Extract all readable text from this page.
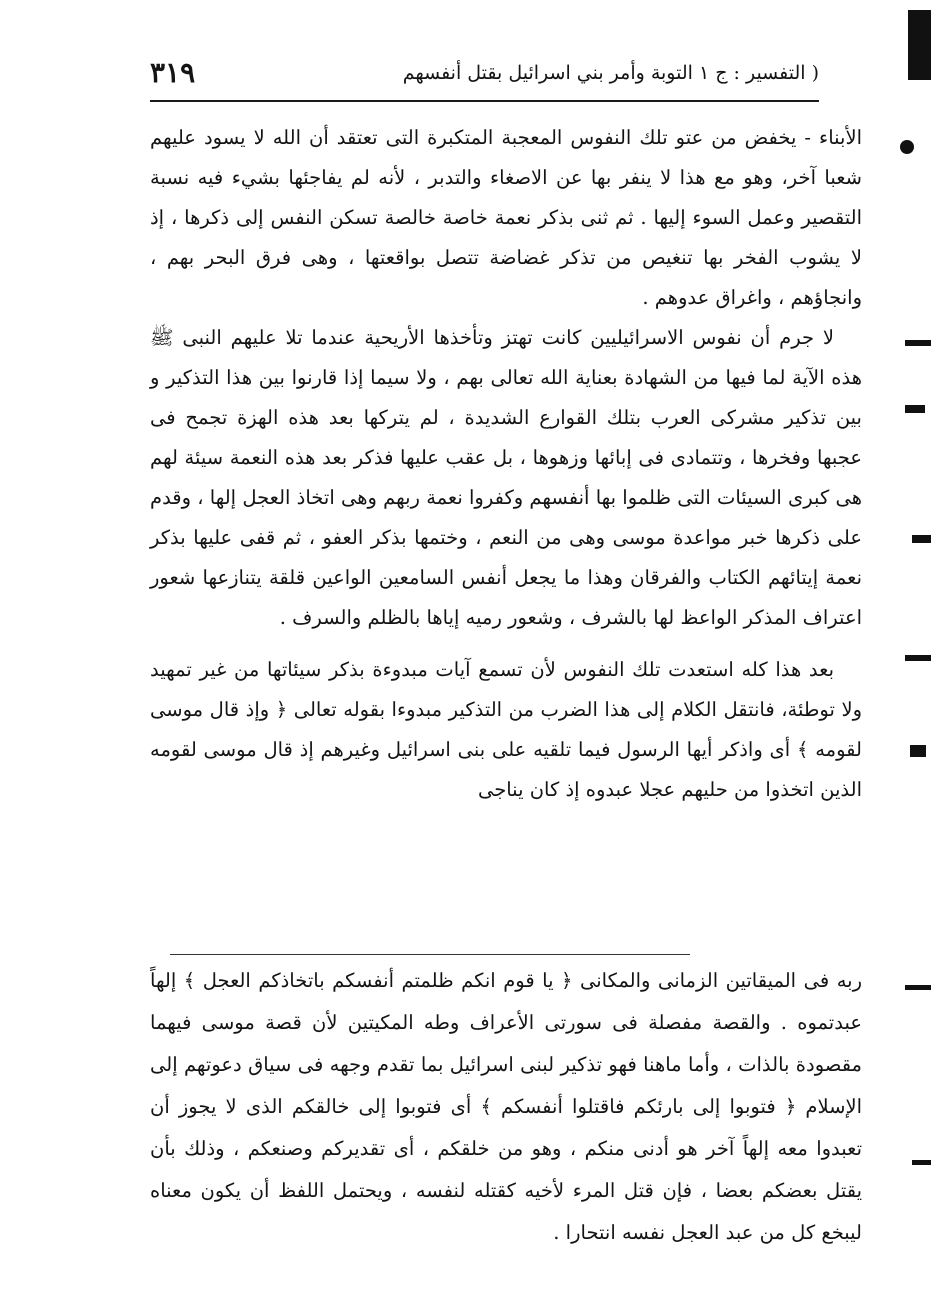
٣١٩	( التفسير : ج ١ التوبة وأمر بني اسرائيل بقتل أنفسهم

الأبناء - يخفض من عتو تلك النفوس المعجبة المتكبرة التى تعتقد أن الله لا يسود عليهم شعبا آخر، وهو مع هذا لا ينفر بها عن الاصغاء والتدبر ، لأنه لم يفاجئها بشيء فيه نسبة التقصير وعمل السوء إليها . ثم ثنى بذكر نعمة خاصة خالصة تسكن النفس إلى ذكرها ، إذ لا يشوب الفخر بها تنغيص من تذكر غضاضة تتصل بواقعتها ، وهى فرق البحر بهم ، وانجاؤهم ، واغراق عدوهم .

لا جرم أن نفوس الاسرائيليين كانت تهتز وتأخذها الأريحية عندما تلا عليهم النبى ﷺ هذه الآية لما فيها من الشهادة بعناية الله تعالى بهم ، ولا سيما إذا قارنوا بين هذا التذكير و بين تذكير مشركى العرب بتلك القوارع الشديدة ، لم يتركها بعد هذه الهزة تجمح فى عجبها وفخرها ، وتتمادى فى إبائها وزهوها ، بل عقب عليها فذكر بعد هذه النعمة سيئة لهم هى كبرى السيئات التى ظلموا بها أنفسهم وكفروا نعمة ربهم وهى اتخاذ العجل إلها ، وقدم على ذكرها خبر مواعدة موسى وهى من النعم ، وختمها بذكر العفو ، ثم قفى عليها بذكر نعمة إيتائهم الكتاب والفرقان وهذا ما يجعل أنفس السامعين الواعين قلقة يتنازعها شعور اعتراف المذكر الواعظ لها بالشرف ، وشعور رميه إياها بالظلم والسرف .

بعد هذا كله استعدت تلك النفوس لأن تسمع آيات مبدوءة بذكر سيئاتها من غير تمهيد ولا توطئة، فانتقل الكلام إلى هذا الضرب من التذكير مبدوءا بقوله تعالى ﴿ وإذ قال موسى لقومه ﴾ أى واذكر أيها الرسول فيما تلقيه على بنى اسرائيل وغيرهم إذ قال موسى لقومه الذين اتخذوا من حليهم عجلا عبدوه إذ كان يناجى

ربه فى الميقاتين الزمانى والمكانى ﴿ يا قوم انكم ظلمتم أنفسكم باتخاذكم العجل ﴾ إلهاً عبدتموه . والقصة مفصلة فى سورتى الأعراف وطه المكيتين لأن قصة موسى فيهما مقصودة بالذات ، وأما ماهنا فهو تذكير لبنى اسرائيل بما تقدم وجهه فى سياق دعوتهم إلى الإسلام ﴿ فتوبوا إلى بارئكم فاقتلوا أنفسكم ﴾ أى فتوبوا إلى خالقكم الذى لا يجوز أن تعبدوا معه إلهاً آخر هو أدنى منكم ، وهو من خلقكم ، أى تقديركم وصنعكم ، وذلك بأن يقتل بعضكم بعضا ، فإن قتل المرء لأخيه كقتله لنفسه ، ويحتمل اللفظ أن يكون معناه ليبخع كل من عبد العجل نفسه انتحارا .
